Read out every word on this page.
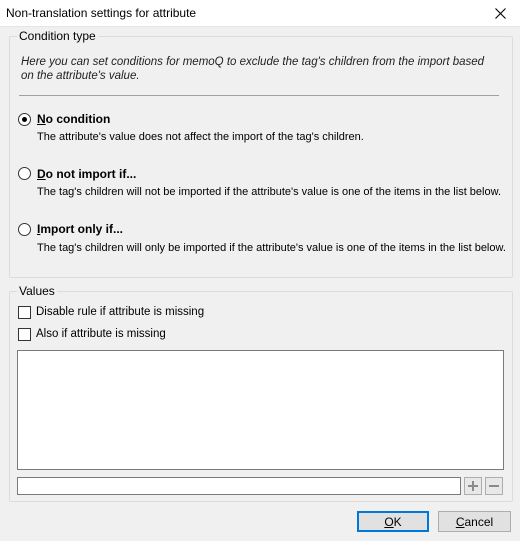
Non-translation settings for attribute
Condition type
Here you can set conditions for memoQ to exclude the tag's children from the import based on the attribute's value.
No condition
The attribute's value does not affect the import of the tag's children.
Do not import if...
The tag's children will not be imported if the attribute's value is one of the items in the list below.
Import only if...
The tag's children will only be imported if the attribute's value is one of the items in the list below.
Values
Disable rule if attribute is missing
Also if attribute is missing
O K	C ancel
